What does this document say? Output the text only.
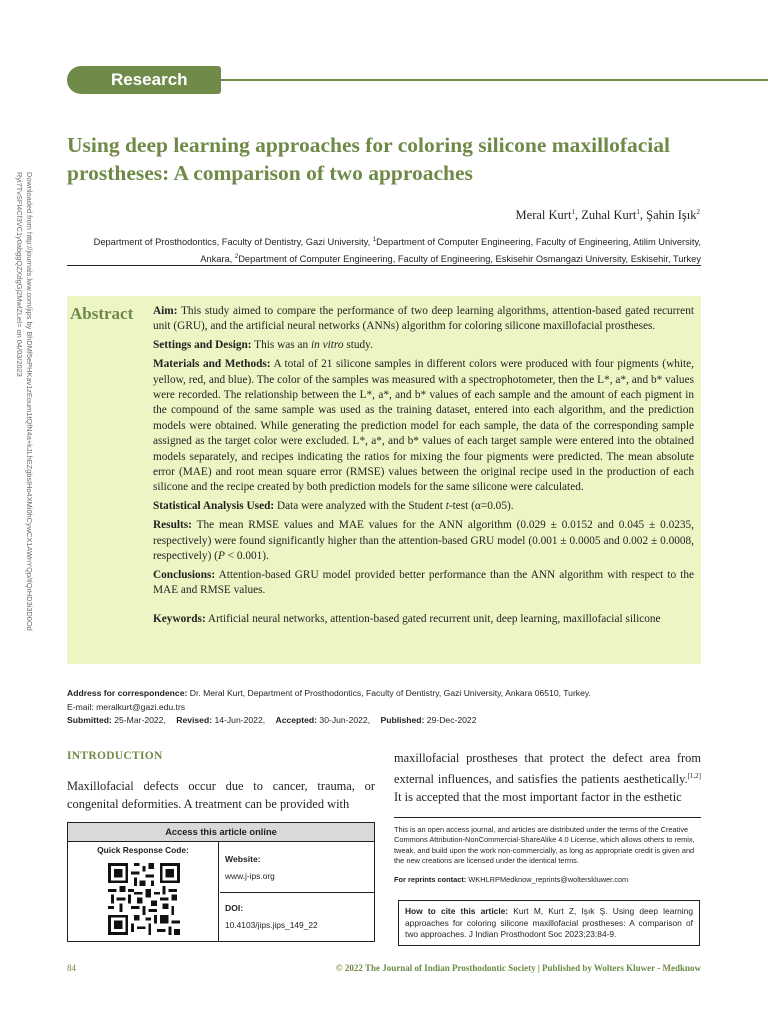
Research
Downloaded from http://journals.lww.com/jips by BhDMf5ePHKav1zEoum1tQfN4a+kJLhEZgbsIHo4XMi0hCywCX1AWnYQp/IlQrHD3i3D0OdRyi7TvSFl4Cf3VC1y0abggQZXdgGj2MwlZLeI= on 04/03/2023
Using deep learning approaches for coloring silicone maxillofacial prostheses: A comparison of two approaches
Meral Kurt$^1$, Zuhal Kurt$^1$, Şahin Işık$^2$
Department of Prosthodontics, Faculty of Dentistry, Gazi University, $^1$Department of Computer Engineering, Faculty of Engineering, Atilim University, Ankara, $^2$Department of Computer Engineering, Faculty of Engineering, Eskisehir Osmangazi University, Eskisehir, Turkey
Abstract Aim: This study aimed to compare the performance of two deep learning algorithms, attention-based gated recurrent unit (GRU), and the artificial neural networks (ANNs) algorithm for coloring silicone maxillofacial prostheses.

Settings and Design: This was an in vitro study.

Materials and Methods: A total of 21 silicone samples in different colors were produced with four pigments (white, yellow, red, and blue). The color of the samples was measured with a spectrophotometer, then the L*, a*, and b* values were recorded. The relationship between the L*, a*, and b* values of each sample and the amount of each pigment in the compound of the same sample was used as the training dataset, entered into each algorithm, and the prediction models were obtained. While generating the prediction model for each sample, the data of the corresponding sample assigned as the target color were excluded. L*, a*, and b* values of each target sample were entered into the obtained models separately, and recipes indicating the ratios for mixing the four pigments were predicted. The mean absolute error (MAE) and root mean square error (RMSE) values between the original recipe used in the production of each silicone and the recipe created by both prediction models for the same silicone were calculated.

Statistical Analysis Used: Data were analyzed with the Student t-test (α=0.05).

Results: The mean RMSE values and MAE values for the ANN algorithm (0.029 ± 0.0152 and 0.045 ± 0.0235, respectively) were found significantly higher than the attention-based GRU model (0.001 ± 0.0005 and 0.002 ± 0.0008, respectively) (P < 0.001).

Conclusions: Attention-based GRU model provided better performance than the ANN algorithm with respect to the MAE and RMSE values.

Keywords: Artificial neural networks, attention-based gated recurrent unit, deep learning, maxillofacial silicone

Address for correspondence: Dr. Meral Kurt, Department of Prosthodontics, Faculty of Dentistry, Gazi University, Ankara 06510, Turkey.
E-mail: meralkurt@gazi.edu.trs
Submitted: 25-Mar-2022, Revised: 14-Jun-2022, Accepted: 30-Jun-2022, Published: 29-Dec-2022
INTRODUCTION
Maxillofacial defects occur due to cancer, trauma, or congenital deformities. A treatment can be provided with
maxillofacial prostheses that protect the defect area from external influences, and satisfies the patients aesthetically.[1,2] It is accepted that the most important factor in the esthetic
Access this article online
Quick Response Code:
Website:
www.j-ips.org
DOI:
10.4103/jips.jips_149_22
This is an open access journal, and articles are distributed under the terms of the Creative Commons Attribution-NonCommercial-ShareAlike 4.0 License, which allows others to remix, tweak, and build upon the work non-commercially, as long as appropriate credit is given and the new creations are licensed under the identical terms.
For reprints contact: WKHLRPMedknow_reprints@wolterskluwer.com
How to cite this article: Kurt M, Kurt Z, Işık Ş. Using deep learning approaches for coloring silicone maxillofacial prostheses: A comparison of two approaches. J Indian Prosthodont Soc 2023;23:84-9.
84	© 2022 The Journal of Indian Prosthodontic Society | Published by Wolters Kluwer - Medknow
